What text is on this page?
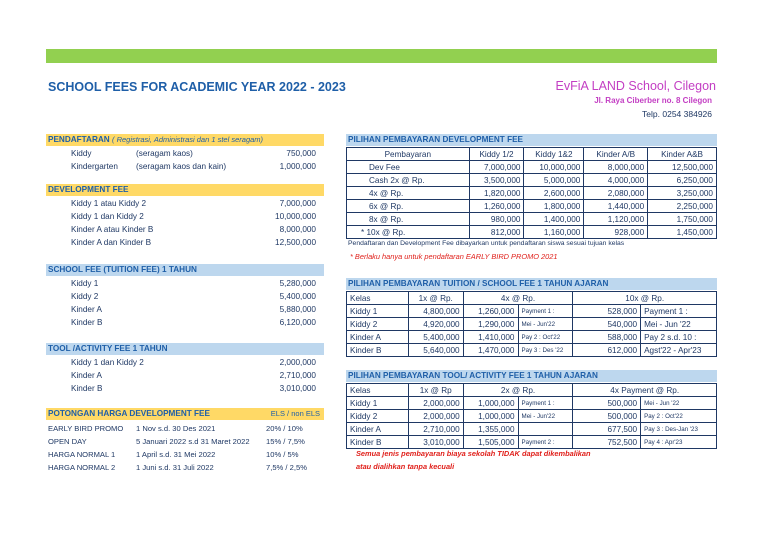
SCHOOL FEES FOR ACADEMIC YEAR 2022 - 2023	EvFiA LAND School, Cilegon
Jl. Raya Ciberber no. 8 Cilegon
Telp. 0254 384926
PENDAFTARAN ( Registrasi, Administrasi dan 1 stel seragam)
Kiddy	(seragam kaos)	750,000
Kindergarten (seragam kaos dan kain)	1,000,000
DEVELOPMENT FEE
Kiddy 1 atau Kiddy 2	7,000,000
Kiddy 1 dan Kiddy 2	10,000,000
Kinder A atau Kinder B	8,000,000
Kinder A dan Kinder B	12,500,000
SCHOOL FEE (TUITION FEE) 1 TAHUN
Kiddy 1	5,280,000
Kiddy 2	5,400,000
Kinder A	5,880,000
Kinder B	6,120,000
TOOL /ACTIVITY FEE 1 TAHUN
Kiddy 1 dan Kiddy 2	2,000,000
Kinder A	2,710,000
Kinder B	3,010,000
POTONGAN HARGA DEVELOPMENT FEE	ELS / non ELS
EARLY BIRD PROMO 1 Nov s.d. 30 Des 2021	20% / 10%
OPEN DAY	5 Januari 2022 s.d 31 Maret 2022 15% / 7,5%
HARGA NORMAL 1	1 April s.d. 31 Mei 2022	10% / 5%
HARGA NORMAL 2	1 Juni s.d. 31 Juli 2022	7,5% / 2,5%
PILIHAN PEMBAYARAN DEVELOPMENT FEE
Pembayaran	Kiddy 1/2	Kiddy 1&2	Kinder A/B	Kinder A&B
Dev Fee	7,000,000	10,000,000	8,000,000	12,500,000
Cash 2x @ Rp.	3,500,000	5,000,000	4,000,000	6,250,000
4x @ Rp.	1,820,000	2,600,000	2,080,000	3,250,000
6x @ Rp.	1,260,000	1,800,000	1,440,000	2,250,000
8x @ Rp.	980,000	1,400,000	1,120,000	1,750,000
* 10x @ Rp.	812,000	1,160,000	928,000	1,450,000
Pendaftaran dan Development Fee dibayarkan untuk pendaftaran siswa sesuai tujuan kelas
* Berlaku hanya untuk pendaftaran EARLY BIRD PROMO 2021
PILIHAN PEMBAYARAN TUITION / SCHOOL FEE 1 TAHUN AJARAN
Kelas	1x @ Rp.	4x @ Rp.		10x @ Rp.	
Kiddy 1	4,800,000	1,260,000	Payment 1 :	528,000	Payment 1 :
Kiddy 2	4,920,000	1,290,000	Mei - Jun'22	540,000	Mei - Jun '22
Kinder A	5,400,000	1,410,000	Pay 2 : Oct'22	588,000	Pay 2 s.d. 10 :
Kinder B	5,640,000	1,470,000	Pay 3 : Des '22	612,000	Agst'22 - Apr'23
PILIHAN PEMBAYARAN TOOL/ ACTIVITY FEE 1 TAHUN AJARAN
Kelas	1x @ Rp	2x @ Rp.		4x Payment @ Rp.	
Kiddy 1	2,000,000	1,000,000	Payment 1 :	500,000	Mei - Jun '22
Kiddy 2	2,000,000	1,000,000	Mei - Jun'22	500,000	Pay 2 : Oct'22
Kinder A	2,710,000	1,355,000		677,500	Pay 3 : Des-Jan '23
Kinder B	3,010,000	1,505,000	Payment 2 :	752,500	Pay 4 : Apr'23
Semua jenis pembayaran biaya sekolah TIDAK dapat dikembalikan
atau dialihkan tanpa kecuali
